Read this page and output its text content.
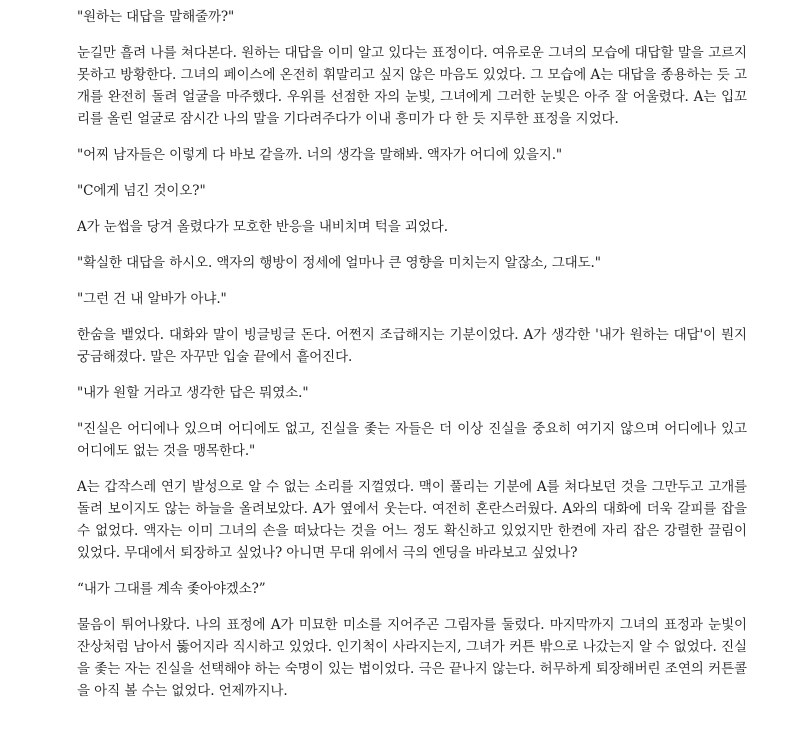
"원하는 대답을 말해줄까?"

눈길만 흘려 나를 쳐다본다. 원하는 대답을 이미 알고 있다는 표정이다. 여유로운 그녀의 모습에 대답할 말을 고르지 못하고 방황한다. 그녀의 페이스에 온전히 휘말리고 싶지 않은 마음도 있었다. 그 모습에 A는 대답을 종용하는 듯 고개를 완전히 돌려 얼굴을 마주했다. 우위를 선점한 자의 눈빛, 그녀에게 그러한 눈빛은 아주 잘 어울렸다. A는 입꼬리를 올린 얼굴로 잠시간 나의 말을 기다려주다가 이내 흥미가 다 한 듯 지루한 표정을 지었다.

"어찌 남자들은 이렇게 다 바보 같을까. 너의 생각을 말해봐. 액자가 어디에 있을지."

"C에게 넘긴 것이오?"

A가 눈썹을 당겨 올렸다가 모호한 반응을 내비치며 턱을 괴었다.

"확실한 대답을 하시오. 액자의 행방이 정세에 얼마나 큰 영향을 미치는지 알잖소, 그대도."

"그런 건 내 알바가 아냐."

한숨을 뱉었다. 대화와 말이 빙글빙글 돈다. 어쩐지 조급해지는 기분이었다. A가 생각한 '내가 원하는 대답'이 뭔지 궁금해졌다. 말은 자꾸만 입술 끝에서 흩어진다.

"내가 원할 거라고 생각한 답은 뭐였소."

"진실은 어디에나 있으며 어디에도 없고, 진실을 좇는 자들은 더 이상 진실을 중요히 여기지 않으며 어디에나 있고 어디에도 없는 것을 맹목한다."

A는 갑작스레 연기 발성으로 알 수 없는 소리를 지껄였다. 맥이 풀리는 기분에 A를 쳐다보던 것을 그만두고 고개를 돌려 보이지도 않는 하늘을 올려보았다. A가 옆에서 웃는다. 여전히 혼란스러웠다. A와의 대화에 더욱 갈피를 잡을 수 없었다. 액자는 이미 그녀의 손을 떠났다는 것을 어느 정도 확신하고 있었지만 한켠에 자리 잡은 강렬한 끌림이 있었다. 무대에서 퇴장하고 싶었나? 아니면 무대 위에서 극의 엔딩을 바라보고 싶었나?

“내가 그대를 계속 좇아야겠소?”

물음이 튀어나왔다. 나의 표정에 A가 미묘한 미소를 지어주곤 그림자를 둘렀다. 마지막까지 그녀의 표정과 눈빛이 잔상처럼 남아서 뚫어지라 직시하고 있었다. 인기척이 사라지는지, 그녀가 커튼 밖으로 나갔는지 알 수 없었다. 진실을 좇는 자는 진실을 선택해야 하는 숙명이 있는 법이었다. 극은 끝나지 않는다. 허무하게 퇴장해버린 조연의 커튼콜을 아직 볼 수는 없었다. 언제까지나.
